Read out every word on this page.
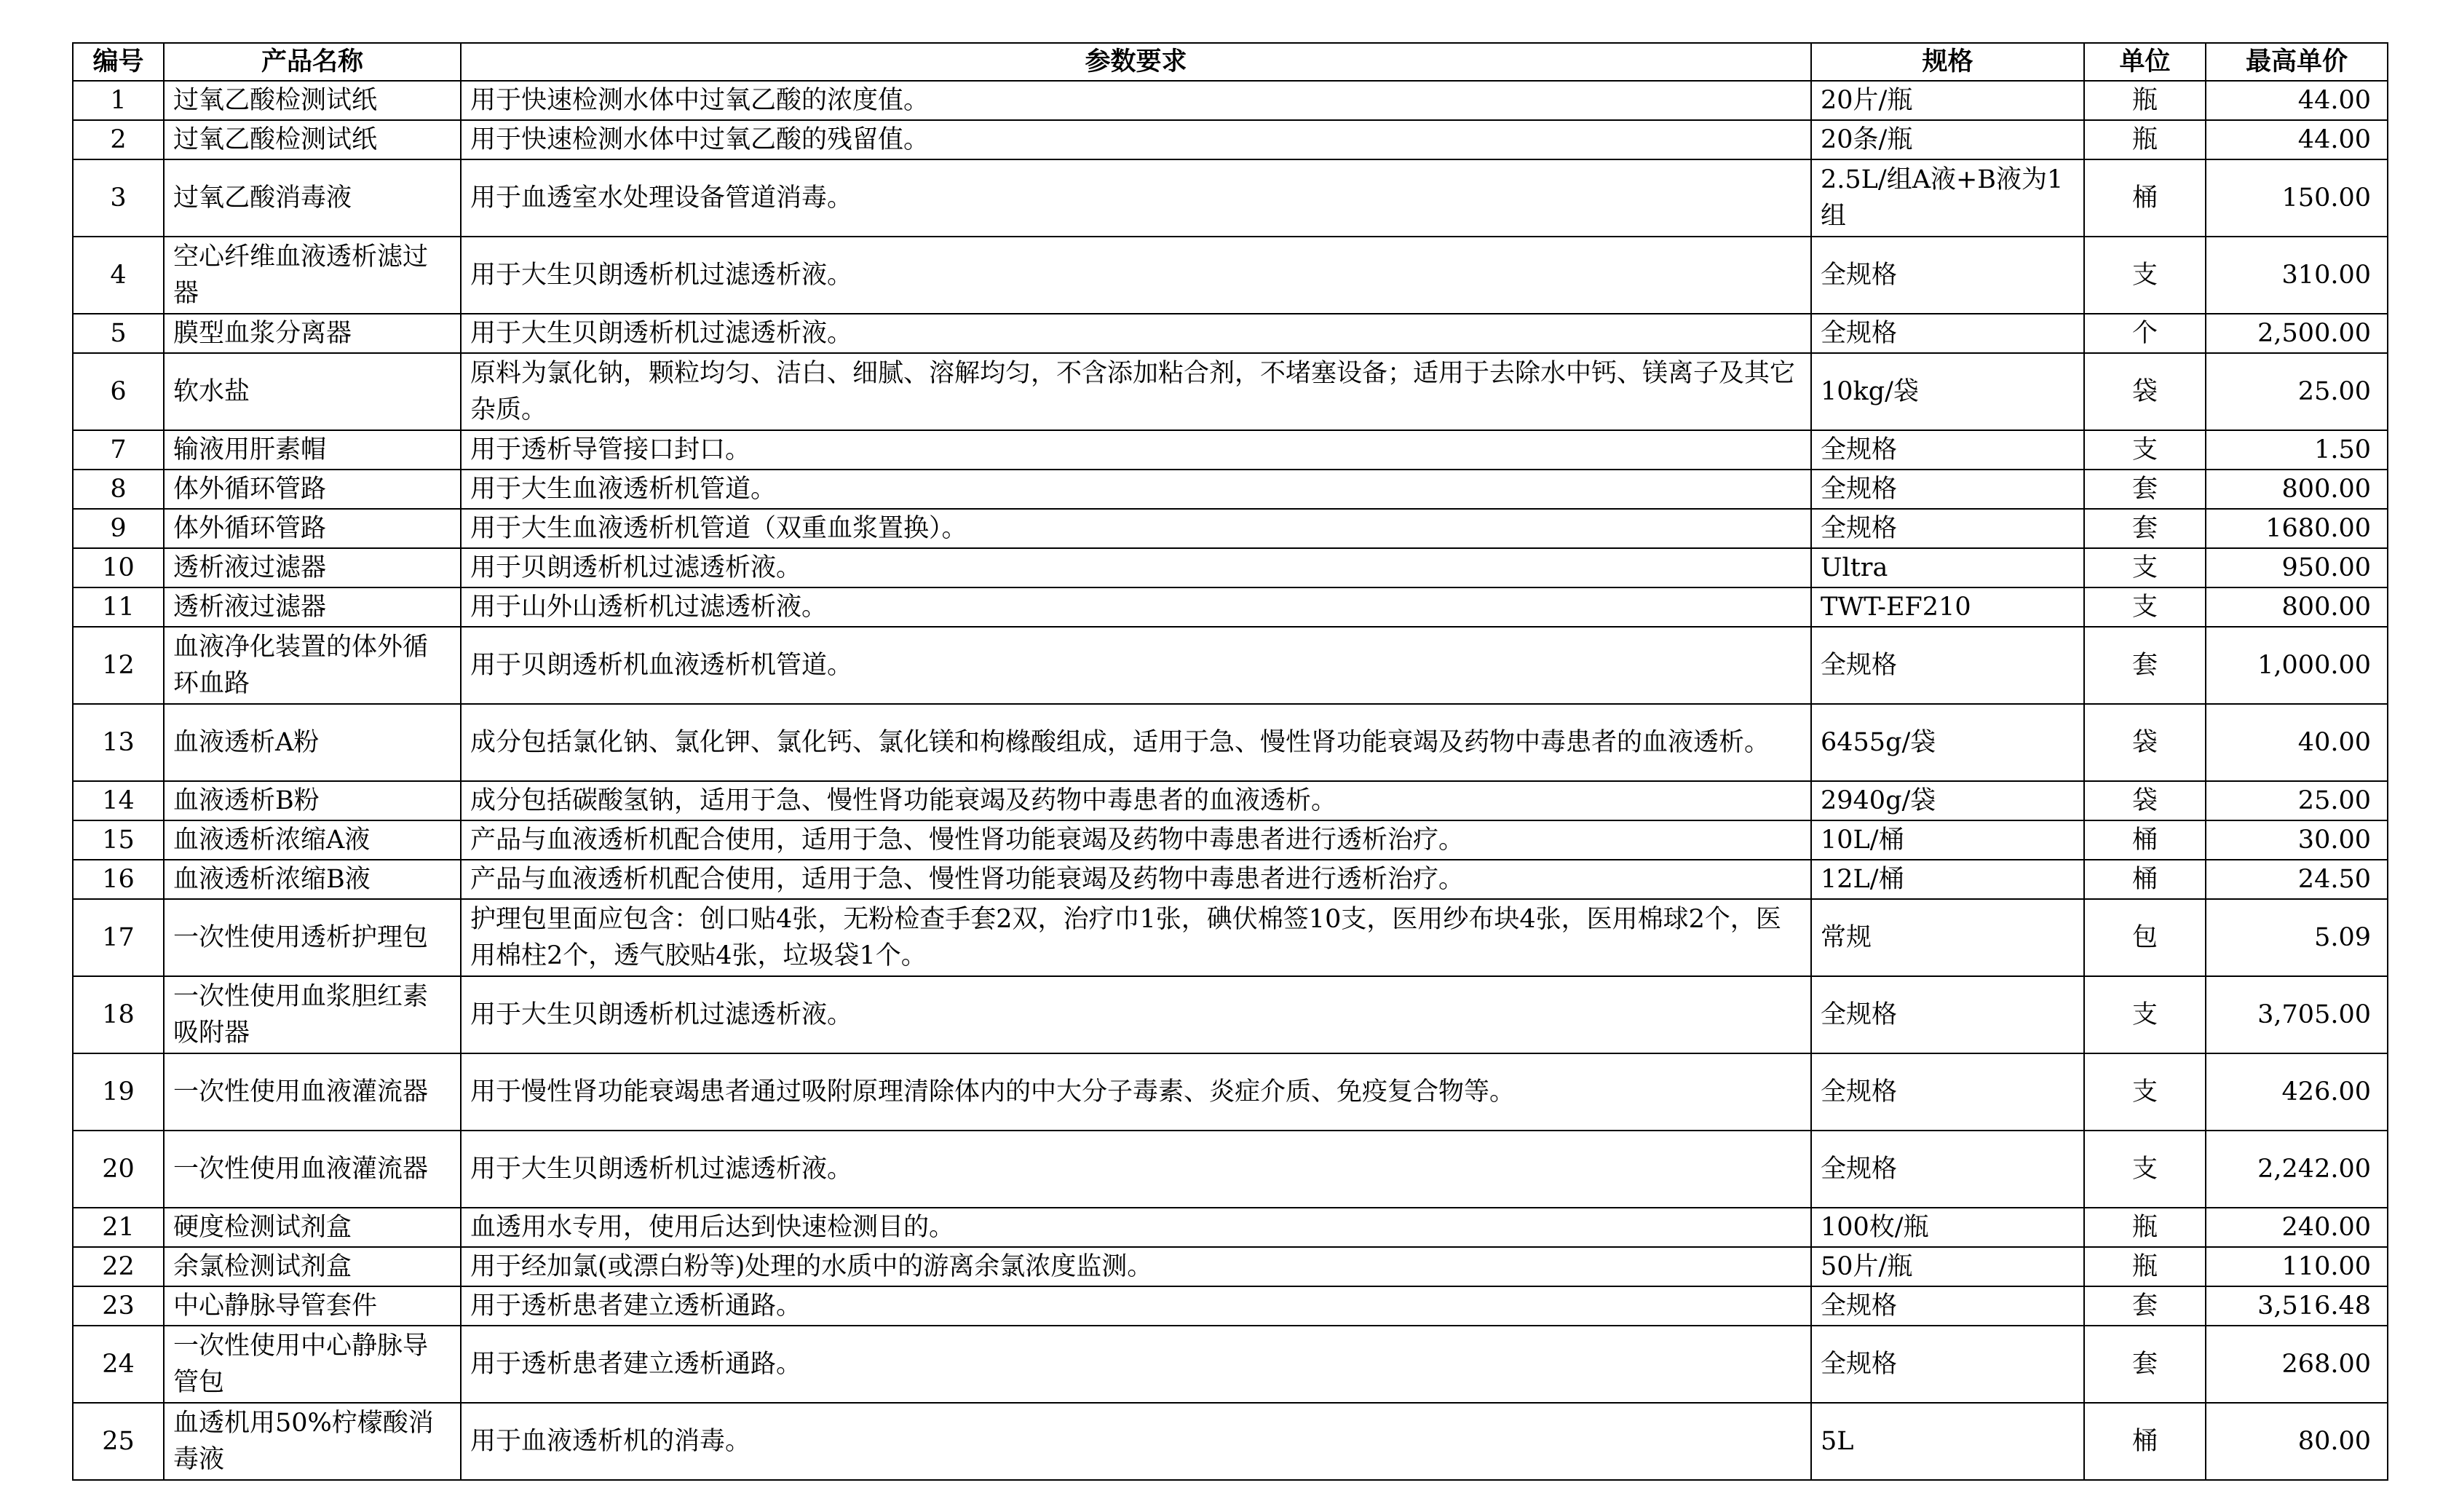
编号	产品名称	参数要求	规格	单位	最高单价
1	过氧乙酸检测试纸	用于快速检测水体中过氧乙酸的浓度值。	20片/瓶	瓶	44.00
2	过氧乙酸检测试纸	用于快速检测水体中过氧乙酸的残留值。	20条/瓶	瓶	44.00
3	过氧乙酸消毒液	用于血透室水处理设备管道消毒。	2.5L/组A液+B液为1组	桶	150.00
4	空心纤维血液透析滤过器	用于大生贝朗透析机过滤透析液。	全规格	支	310.00
5	膜型血浆分离器	用于大生贝朗透析机过滤透析液。	全规格	个	2,500.00
6	软水盐	原料为氯化钠，颗粒均匀、洁白、细腻、溶解均匀，不含添加粘合剂，不堵塞设备；适用于去除水中钙、镁离子及其它杂质。	10kg/袋	袋	25.00
7	输液用肝素帽	用于透析导管接口封口。	全规格	支	1.50
8	体外循环管路	用于大生血液透析机管道。	全规格	套	800.00
9	体外循环管路	用于大生血液透析机管道（双重血浆置换）。	全规格	套	1680.00
10	透析液过滤器	用于贝朗透析机过滤透析液。	Ultra	支	950.00
11	透析液过滤器	用于山外山透析机过滤透析液。	TWT-EF210	支	800.00
12	血液净化装置的体外循环血路	用于贝朗透析机血液透析机管道。	全规格	套	1,000.00
13	血液透析A粉	成分包括氯化钠、氯化钾、氯化钙、氯化镁和枸橼酸组成，适用于急、慢性肾功能衰竭及药物中毒患者的血液透析。	6455g/袋	袋	40.00
14	血液透析B粉	成分包括碳酸氢钠，适用于急、慢性肾功能衰竭及药物中毒患者的血液透析。	2940g/袋	袋	25.00
15	血液透析浓缩A液	产品与血液透析机配合使用，适用于急、慢性肾功能衰竭及药物中毒患者进行透析治疗。	10L/桶	桶	30.00
16	血液透析浓缩B液	产品与血液透析机配合使用，适用于急、慢性肾功能衰竭及药物中毒患者进行透析治疗。	12L/桶	桶	24.50
17	一次性使用透析护理包	护理包里面应包含：创口贴4张，无粉检查手套2双，治疗巾1张，碘伏棉签10支，医用纱布块4张，医用棉球2个，医用棉柱2个，透气胶贴4张，垃圾袋1个。	常规	包	5.09
18	一次性使用血浆胆红素吸附器	用于大生贝朗透析机过滤透析液。	全规格	支	3,705.00
19	一次性使用血液灌流器	用于慢性肾功能衰竭患者通过吸附原理清除体内的中大分子毒素、炎症介质、免疫复合物等。	全规格	支	426.00
20	一次性使用血液灌流器	用于大生贝朗透析机过滤透析液。	全规格	支	2,242.00
21	硬度检测试剂盒	血透用水专用，使用后达到快速检测目的。	100枚/瓶	瓶	240.00
22	余氯检测试剂盒	用于经加氯(或漂白粉等)处理的水质中的游离余氯浓度监测。	50片/瓶	瓶	110.00
23	中心静脉导管套件	用于透析患者建立透析通路。	全规格	套	3,516.48
24	一次性使用中心静脉导管包	用于透析患者建立透析通路。	全规格	套	268.00
25	血透机用50%柠檬酸消毒液	用于血液透析机的消毒。	5L	桶	80.00
